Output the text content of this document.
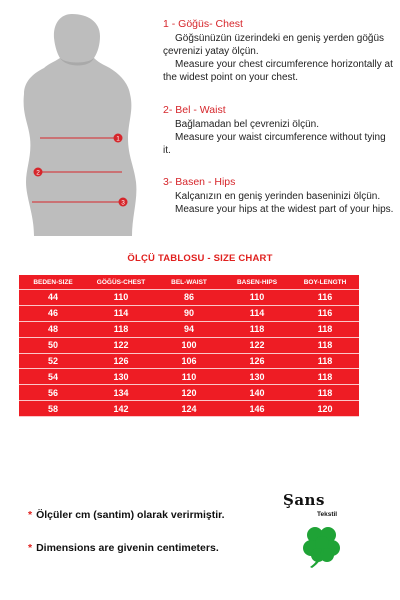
1
2
3
1 - Göğüs- Chest
Göğsünüzün üzerindeki en geniş yerden göğüs çevrenizi yatay ölçün.
Measure your chest circumference horizontally at the widest point on your chest.
2- Bel - Waist
Bağlamadan bel çevrenizi ölçün.
Measure your waist circumference without tying it.
3- Basen - Hips
Kalçanızın en geniş yerinden baseninizi ölçün.
Measure your hips at the widest part of your hips.
ÖLÇÜ TABLOSU - SIZE CHART
BEDEN-SIZE	GÖĞÜS-CHEST	BEL-WAIST	BASEN-HIPS	BOY-LENGTH
44	110	86	110	116
46	114	90	114	116
48	118	94	118	118
50	122	100	122	118
52	126	106	126	118
54	130	110	130	118
56	134	120	140	118
58	142	124	146	120
* Ölçüler cm (santim) olarak verirmiştir.
* Dimensions are givenin centimeters.
Şans
Tekstil
